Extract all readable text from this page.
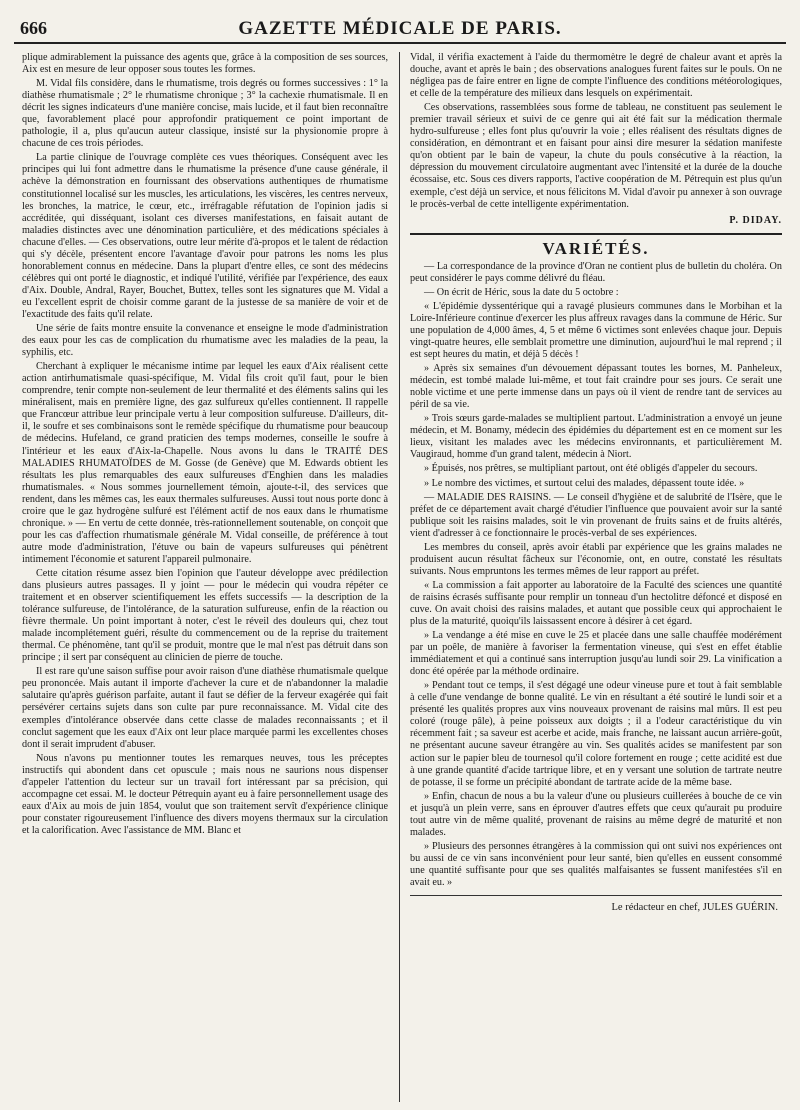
666	GAZETTE MÉDICALE DE PARIS.

plique admirablement la puissance des agents que, grâce à la composition de ses sources, Aix est en mesure de leur opposer sous toutes les formes.

M. Vidal fils considère, dans le rhumatisme, trois degrés ou formes successives : 1° la diathèse rhumatismale ; 2° le rhumatisme chronique ; 3° la cachexie rhumatismale. Il en décrit les signes indicateurs d'une manière concise, mais lucide, et il faut bien reconnaître que, favorablement placé pour approfondir pratiquement ce point important de pathologie, il a, plus qu'aucun auteur classique, insisté sur la physionomie propre à chacune de ces trois périodes.

La partie clinique de l'ouvrage complète ces vues théoriques. Conséquent avec les principes qui lui font admettre dans le rhumatisme la présence d'une cause générale, il achève la démonstration en fournissant des observations authentiques de rhumatisme constitutionnel localisé sur les muscles, les articulations, les viscères, les centres nerveux, les bronches, la matrice, le cœur, etc., irréfragable réfutation de l'opinion jadis si accréditée, qui disséquant, isolant ces diverses manifestations, en faisait autant de maladies distinctes avec une dénomination particulière, et des médications spéciales à chacune d'elles. — Ces observations, outre leur mérite d'à-propos et le talent de rédaction qui s'y décèle, présentent encore l'avantage d'avoir pour patrons les noms les plus honorablement connus en médecine. Dans la plupart d'entre elles, ce sont des médecins célèbres qui ont porté le diagnostic, et indiqué l'utilité, vérifiée par l'expérience, des eaux d'Aix. Double, Andral, Rayer, Bouchet, Buttex, telles sont les signatures que M. Vidal a eu l'excellent esprit de choisir comme garant de la justesse de sa manière de voir et de l'exactitude des faits qu'il relate.

Une série de faits montre ensuite la convenance et enseigne le mode d'administration des eaux pour les cas de complication du rhumatisme avec les maladies de la peau, la syphilis, etc.

Cherchant à expliquer le mécanisme intime par lequel les eaux d'Aix réalisent cette action antirhumatismale quasi-spécifique, M. Vidal fils croit qu'il faut, pour le bien comprendre, tenir compte non-seulement de leur thermalité et des éléments salins qui les minéralisent, mais en première ligne, des gaz sulfureux qu'elles contiennent. Il rappelle que Francœur attribue leur principale vertu à leur composition sulfureuse. D'ailleurs, dit-il, le soufre et ses combinaisons sont le remède spécifique du rhumatisme pour beaucoup de médecins. Hufeland, ce grand praticien des temps modernes, conseille le soufre à l'intérieur et les eaux d'Aix-la-Chapelle. Nous avons lu dans le TRAITÉ DES MALADIES RHUMATOÏDES de M. Gosse (de Genève) que M. Edwards obtient les résultats les plus remarquables des eaux sulfureuses d'Enghien dans les maladies rhumatismales. « Nous sommes journellement témoin, ajoute-t-il, des services que rendent, dans les mêmes cas, les eaux thermales sulfureuses. Aussi tout nous porte donc à croire que le gaz hydrogène sulfuré est l'élément actif de nos eaux dans le rhumatisme chronique. » — En vertu de cette donnée, très-rationnellement soutenable, on conçoit que pour les cas d'affection rhumatismale générale M. Vidal conseille, de préférence à tout autre mode d'administration, l'étuve ou bain de vapeurs sulfureuses qui pénètrent intimement l'économie et saturent l'appareil pulmonaire.

Cette citation résume assez bien l'opinion que l'auteur développe avec prédilection dans plusieurs autres passages. Il y joint — pour le médecin qui voudra répéter ce traitement et en observer scientifiquement les effets successifs — la description de la tolérance sulfureuse, de l'intolérance, de la saturation sulfureuse, enfin de la réaction ou fièvre thermale. Un point important à noter, c'est le réveil des douleurs qui, chez tout malade incomplétement guéri, résulte du commencement ou de la reprise du traitement thermal. Ce phénomène, tant qu'il se produit, montre que le mal n'est pas détruit dans son principe ; il sert par conséquent au clinicien de pierre de touche.

Il est rare qu'une saison suffise pour avoir raison d'une diathèse rhumatismale quelque peu prononcée. Mais autant il importe d'achever la cure et de n'abandonner la maladie salutaire qu'après guérison parfaite, autant il faut se défier de la ferveur exagérée qui fait persévérer certains sujets dans son culte par pure reconnaissance. M. Vidal cite des exemples d'intolérance observée dans cette classe de malades reconnaissants ; et il conclut sagement que les eaux d'Aix ont leur place marquée parmi les excellentes choses dont il serait imprudent d'abuser.

Nous n'avons pu mentionner toutes les remarques neuves, tous les préceptes instructifs qui abondent dans cet opuscule ; mais nous ne saurions nous dispenser d'appeler l'attention du lecteur sur un travail fort intéressant par sa précision, qui accompagne cet essai. M. le docteur Pétrequin ayant eu à faire personnellement usage des eaux d'Aix au mois de juin 1854, voulut que son traitement servît d'expérience clinique pour constater rigoureusement l'influence des divers moyens thermaux sur la circulation et la calorification. Avec l'assistance de MM. Blanc et

Vidal, il vérifia exactement à l'aide du thermomètre le degré de chaleur avant et après la douche, avant et après le bain ; des observations analogues furent faites sur le pouls. On ne négligea pas de faire entrer en ligne de compte l'influence des conditions météorologiques, et celle de la température des milieux dans lesquels on expérimentait.

Ces observations, rassemblées sous forme de tableau, ne constituent pas seulement le premier travail sérieux et suivi de ce genre qui ait été fait sur la médication thermale hydro-sulfureuse ; elles font plus qu'ouvrir la voie ; elles réalisent des résultats dignes de considération, en démontrant et en faisant pour ainsi dire mesurer la sédation manifeste qu'on obtient par le bain de vapeur, la chute du pouls consécutive à la réaction, la dépression du mouvement circulatoire augmentant avec l'intensité et la durée de la douche écossaise, etc. Sous ces divers rapports, l'active coopération de M. Pétrequin est plus qu'un exemple, c'est déjà un service, et nous félicitons M. Vidal d'avoir pu annexer à son ouvrage le procès-verbal de cette intelligente expérimentation.

P. DIDAY.
VARIÉTÉS.

— La correspondance de la province d'Oran ne contient plus de bulletin du choléra. On peut considérer le pays comme délivré du fléau.

— On écrit de Héric, sous la date du 5 octobre :

« L'épidémie dyssentérique qui a ravagé plusieurs communes dans le Morbihan et la Loire-Inférieure continue d'exercer les plus affreux ravages dans la commune de Héric. Sur une population de 4,000 âmes, 4, 5 et même 6 victimes sont enlevées chaque jour. Depuis vingt-quatre heures, elle semblait promettre une diminution, aujourd'hui le mal reprend ; il est sept heures du matin, et déjà 5 décès !

» Après six semaines d'un dévouement dépassant toutes les bornes, M. Panheleux, médecin, est tombé malade lui-même, et tout fait craindre pour ses jours. Ce serait une noble victime et une perte immense dans un pays où il vient de rendre tant de services au péril de sa vie.

» Trois sœurs garde-malades se multiplient partout. L'administration a envoyé un jeune médecin, et M. Bonamy, médecin des épidémies du département est en ce moment sur les lieux, visitant les malades avec les médecins environnants, et particulièrement M. Vaugiraud, homme d'un grand talent, médecin à Niort.

» Épuisés, nos prêtres, se multipliant partout, ont été obligés d'appeler du secours.

» Le nombre des victimes, et surtout celui des malades, dépassent toute idée. »

— MALADIE DES RAISINS. — Le conseil d'hygiène et de salubrité de l'Isère, que le préfet de ce département avait chargé d'étudier l'influence que pouvaient avoir sur la santé publique soit les raisins malades, soit le vin provenant de fruits sains et de fruits altérés, vient d'adresser à ce fonctionnaire le procès-verbal de ses expériences.

Les membres du conseil, après avoir établi par expérience que les grains malades ne produisent aucun résultat fâcheux sur l'économie, ont, en outre, constaté les résultats suivants. Nous empruntons les termes mêmes de leur rapport au préfet.

« La commission a fait apporter au laboratoire de la Faculté des sciences une quantité de raisins écrasés suffisante pour remplir un tonneau d'un hectolitre défoncé et disposé en cuve. On avait choisi des raisins malades, et autant que possible ceux qui approchaient le plus de la maturité, quoiqu'ils laissassent encore à désirer à cet égard.

» La vendange a été mise en cuve le 25 et placée dans une salle chauffée modérément par un poêle, de manière à favoriser la fermentation vineuse, qui s'est en effet établie immédiatement et qui a continué sans interruption jusqu'au lundi soir 29. La vinification a donc été opérée par la méthode ordinaire.

» Pendant tout ce temps, il s'est dégagé une odeur vineuse pure et tout à fait semblable à celle d'une vendange de bonne qualité. Le vin en résultant a été soutiré le lundi soir et a présenté les qualités propres aux vins nouveaux provenant de raisins mal mûrs. Il est peu coloré (rouge pâle), à peine poisseux aux doigts ; il a l'odeur caractéristique du vin récemment fait ; sa saveur est acerbe et acide, mais franche, ne laissant aucun arrière-goût, ne présentant aucune saveur étrangère au vin. Ses qualités acides se manifestent par son action sur le papier bleu de tournesol qu'il colore fortement en rouge ; cette acidité est due à une grande quantité d'acide tartrique libre, et en y versant une solution de tartrate neutre de potasse, il se forme un précipité abondant de tartrate acide de la même base.

» Enfin, chacun de nous a bu la valeur d'une ou plusieurs cuillerées à bouche de ce vin et jusqu'à un plein verre, sans en éprouver d'autres effets que ceux qu'aurait pu produire tout autre vin de même qualité, provenant de raisins au même degré de maturité et non malades.

» Plusieurs des personnes étrangères à la commission qui ont suivi nos expériences ont bu aussi de ce vin sans inconvénient pour leur santé, bien qu'elles en eussent consommé une quantité suffisante pour que ses qualités malfaisantes se fussent manifestées s'il en avait eu. »

Le rédacteur en chef, JULES GUÉRIN.
